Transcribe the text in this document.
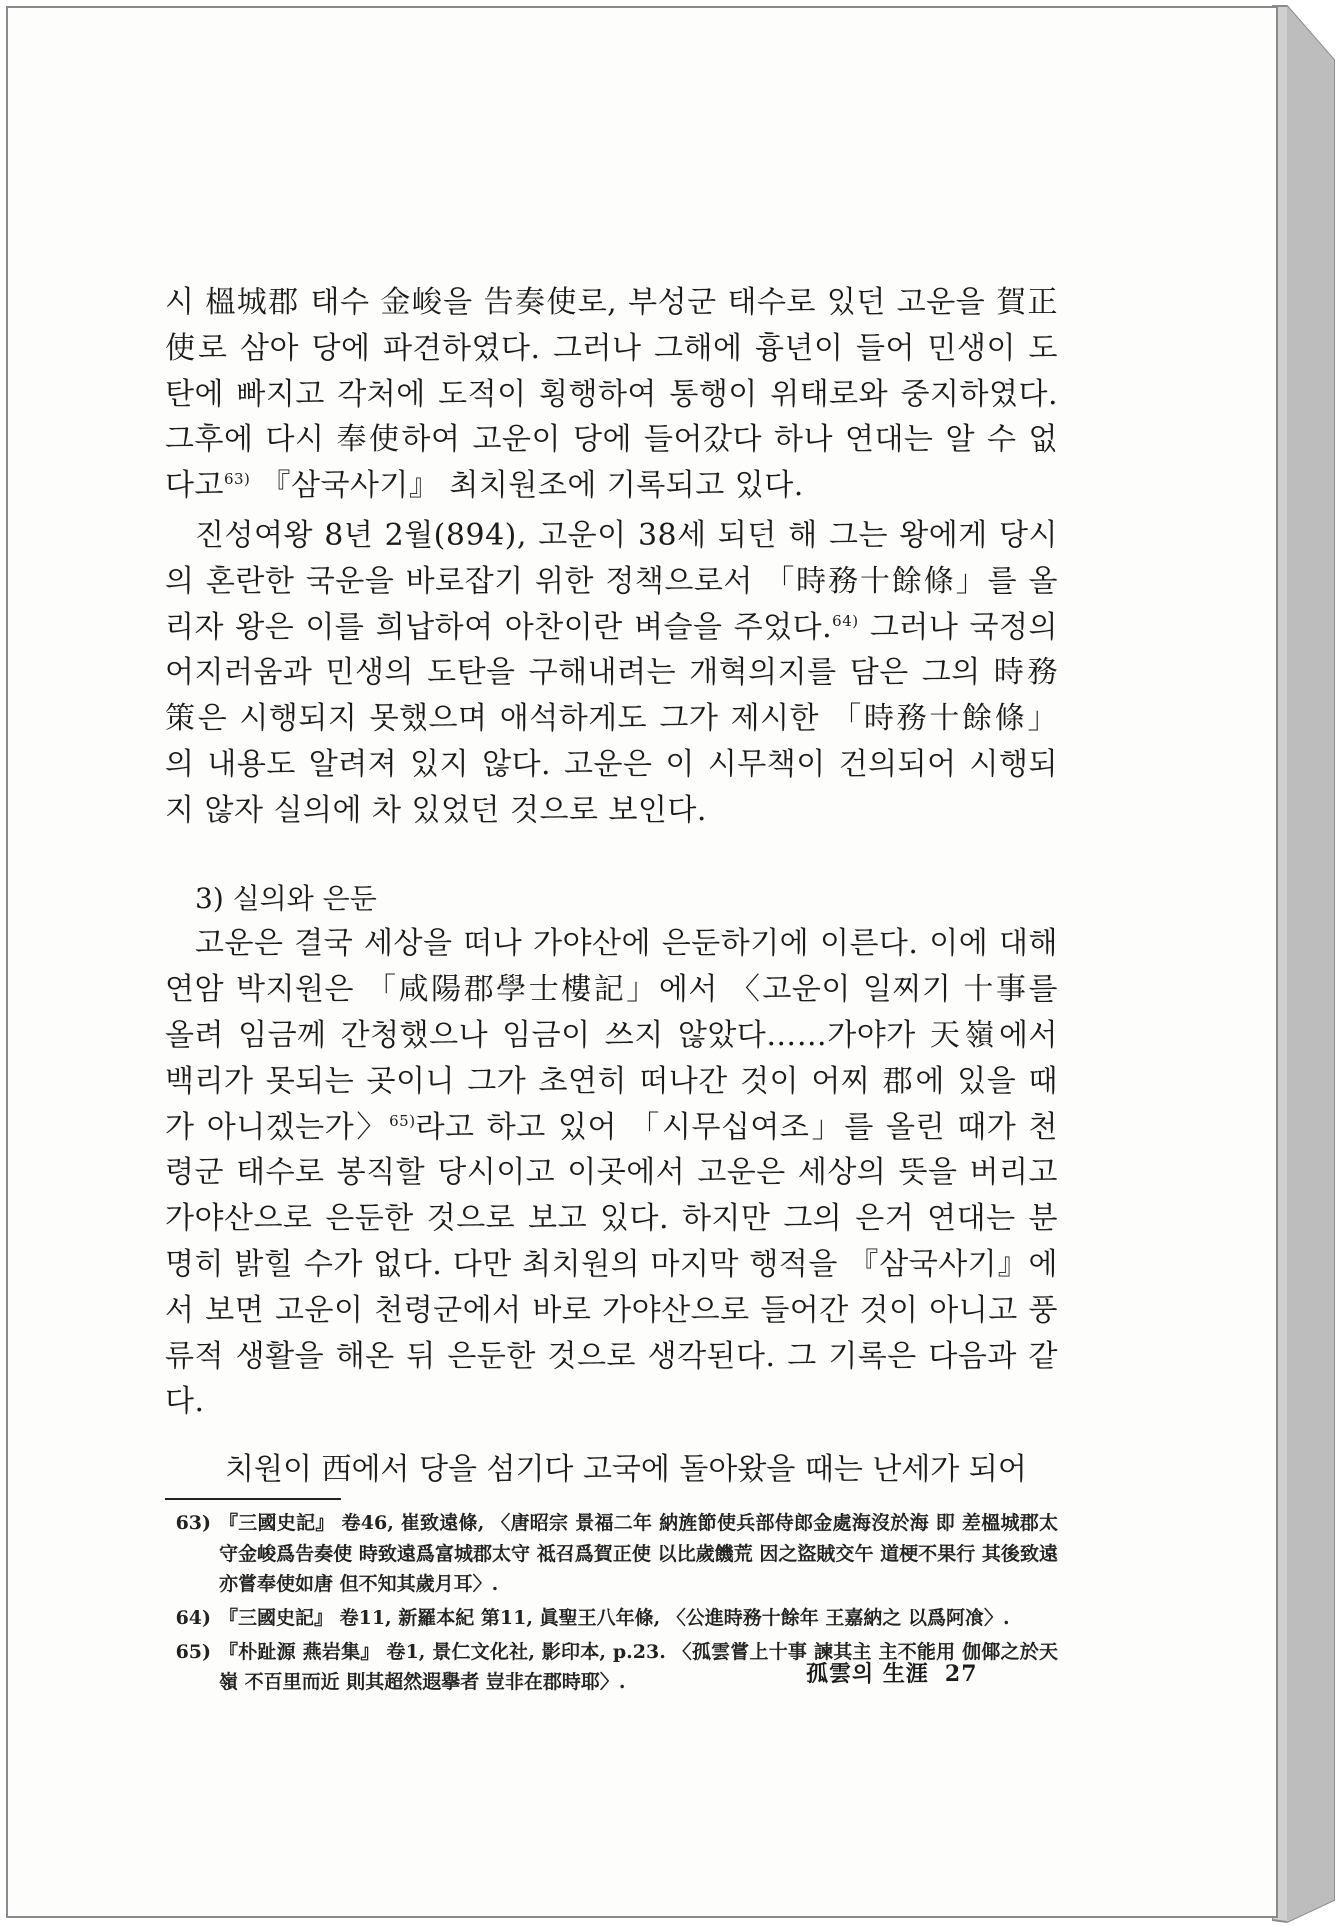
시 榲城郡 태수 金峻을 告奏使로, 부성군 태수로 있던 고운을 賀正使로 삼아 당에 파견하였다. 그러나 그해에 흉년이 들어 민생이 도탄에 빠지고 각처에 도적이 횡행하여 통행이 위태로와 중지하였다. 그후에 다시 奉使하여 고운이 당에 들어갔다 하나 연대는 알 수 없다고$^{63)}$ 『삼국사기』 최치원조에 기록되고 있다.

진성여왕 8년 2월(894), 고운이 38세 되던 해 그는 왕에게 당시의 혼란한 국운을 바로잡기 위한 정책으로서 「時務十餘條」를 올리자 왕은 이를 희납하여 아찬이란 벼슬을 주었다.$^{64)}$ 그러나 국정의 어지러움과 민생의 도탄을 구해내려는 개혁의지를 담은 그의 時務策은 시행되지 못했으며 애석하게도 그가 제시한 「時務十餘條」의 내용도 알려져 있지 않다. 고운은 이 시무책이 건의되어 시행되지 않자 실의에 차 있었던 것으로 보인다.

3) 실의와 은둔

고운은 결국 세상을 떠나 가야산에 은둔하기에 이른다. 이에 대해 연암 박지원은 「咸陽郡學士樓記」에서 〈고운이 일찌기 十事를 올려 임금께 간청했으나 임금이 쓰지 않았다……가야가 天嶺에서 백리가 못되는 곳이니 그가 초연히 떠나간 것이 어찌 郡에 있을 때가 아니겠는가〉$^{65)}$라고 하고 있어 「시무십여조」를 올린 때가 천령군 태수로 봉직할 당시이고 이곳에서 고운은 세상의 뜻을 버리고 가야산으로 은둔한 것으로 보고 있다. 하지만 그의 은거 연대는 분명히 밝힐 수가 없다. 다만 최치원의 마지막 행적을 『삼국사기』에서 보면 고운이 천령군에서 바로 가야산으로 들어간 것이 아니고 풍류적 생활을 해온 뒤 은둔한 것으로 생각된다. 그 기록은 다음과 같다.

치원이 西에서 당을 섬기다 고국에 돌아왔을 때는 난세가 되어

63) 『三國史記』 卷46, 崔致遠條, 〈唐昭宗 景福二年 納旌節使兵部侍郎金處海沒於海 即 差榲城郡太守金峻爲告奏使 時致遠爲富城郡太守 祗召爲賀正使 以比歲饑荒 因之盜賊交午 道梗不果行 其後致遠亦嘗奉使如唐 但不知其歲月耳〉.
64) 『三國史記』 卷11, 新羅本紀 第11, 眞聖王八年條, 〈公進時務十餘年 王嘉納之 以爲阿飡〉.
65) 『朴趾源 燕岩集』 卷1, 景仁文化社, 影印本, p.23. 〈孤雲嘗上十事 諫其主 主不能用 伽倻之於天嶺 不百里而近 則其超然遐擧者 豈非在郡時耶〉.	孤雲의 生涯 27
